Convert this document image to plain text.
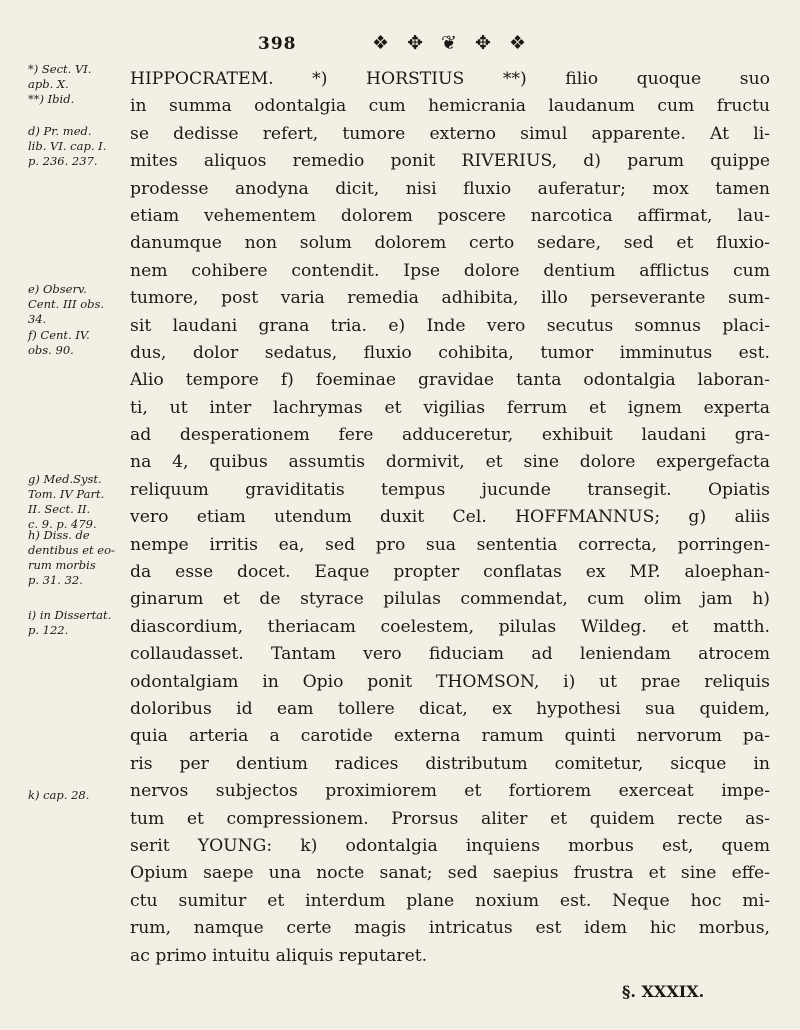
398	❖ ✥ ❦ ✥ ❖
*) Sect. VI.
apb. X.
**) Ibid.
d) Pr. med.
lib. VI. cap. I.
p. 236. 237.
e) Observ.
Cent. III obs.
34.
f) Cent. IV.
obs. 90.
g) Med.Syst.
Tom. IV Part.
II. Sect. II.
c. 9. p. 479.
h) Diss. de
dentibus et eo-
rum morbis
p. 31. 32.
i) in Dissertat.
p. 122.
k) cap. 28.
HIPPOCRATEM. *) HORSTIUS **) filio quoque suo
in summa odontalgia cum hemicrania laudanum cum fructu
se dedisse refert, tumore externo simul apparente. At li-
mites aliquos remedio ponit RIVERIUS, d) parum quippe
prodesse anodyna dicit, nisi fluxio auferatur; mox tamen
etiam vehementem dolorem poscere narcotica affirmat, lau-
danumque non solum dolorem certo sedare, sed et fluxio-
nem cohibere contendit. Ipse dolore dentium afflictus cum
tumore, post varia remedia adhibita, illo perseverante sum-
sit laudani grana tria. e) Inde vero secutus somnus placi-
dus, dolor sedatus, fluxio cohibita, tumor imminutus est.
Alio tempore f) foeminae gravidae tanta odontalgia laboran-
ti, ut inter lachrymas et vigilias ferrum et ignem experta
ad desperationem fere adduceretur, exhibuit laudani gra-
na 4, quibus assumtis dormivit, et sine dolore expergefacta
reliquum graviditatis tempus jucunde transegit. Opiatis
vero etiam utendum duxit Cel. HOFFMANNUS; g) aliis
nempe irritis ea, sed pro sua sententia correcta, porringen-
da esse docet. Eaque propter conflatas ex MP. aloephan-
ginarum et de styrace pilulas commendat, cum olim jam h)
diascordium, theriacam coelestem, pilulas Wildeg. et matth.
collaudasset. Tantam vero fiduciam ad leniendam atrocem
odontalgiam in Opio ponit THOMSON, i) ut prae reliquis
doloribus id eam tollere dicat, ex hypothesi sua quidem,
quia arteria a carotide externa ramum quinti nervorum pa-
ris per dentium radices distributum comitetur, sicque in
nervos subjectos proximiorem et fortiorem exerceat impe-
tum et compressionem. Prorsus aliter et quidem recte as-
serit YOUNG: k) odontalgia inquiens morbus est, quem
Opium saepe una nocte sanat; sed saepius frustra et sine effe-
ctu sumitur et interdum plane noxium est. Neque hoc mi-
rum, namque certe magis intricatus est idem hic morbus,
ac primo intuitu aliquis reputaret.
§. XXXIX.
